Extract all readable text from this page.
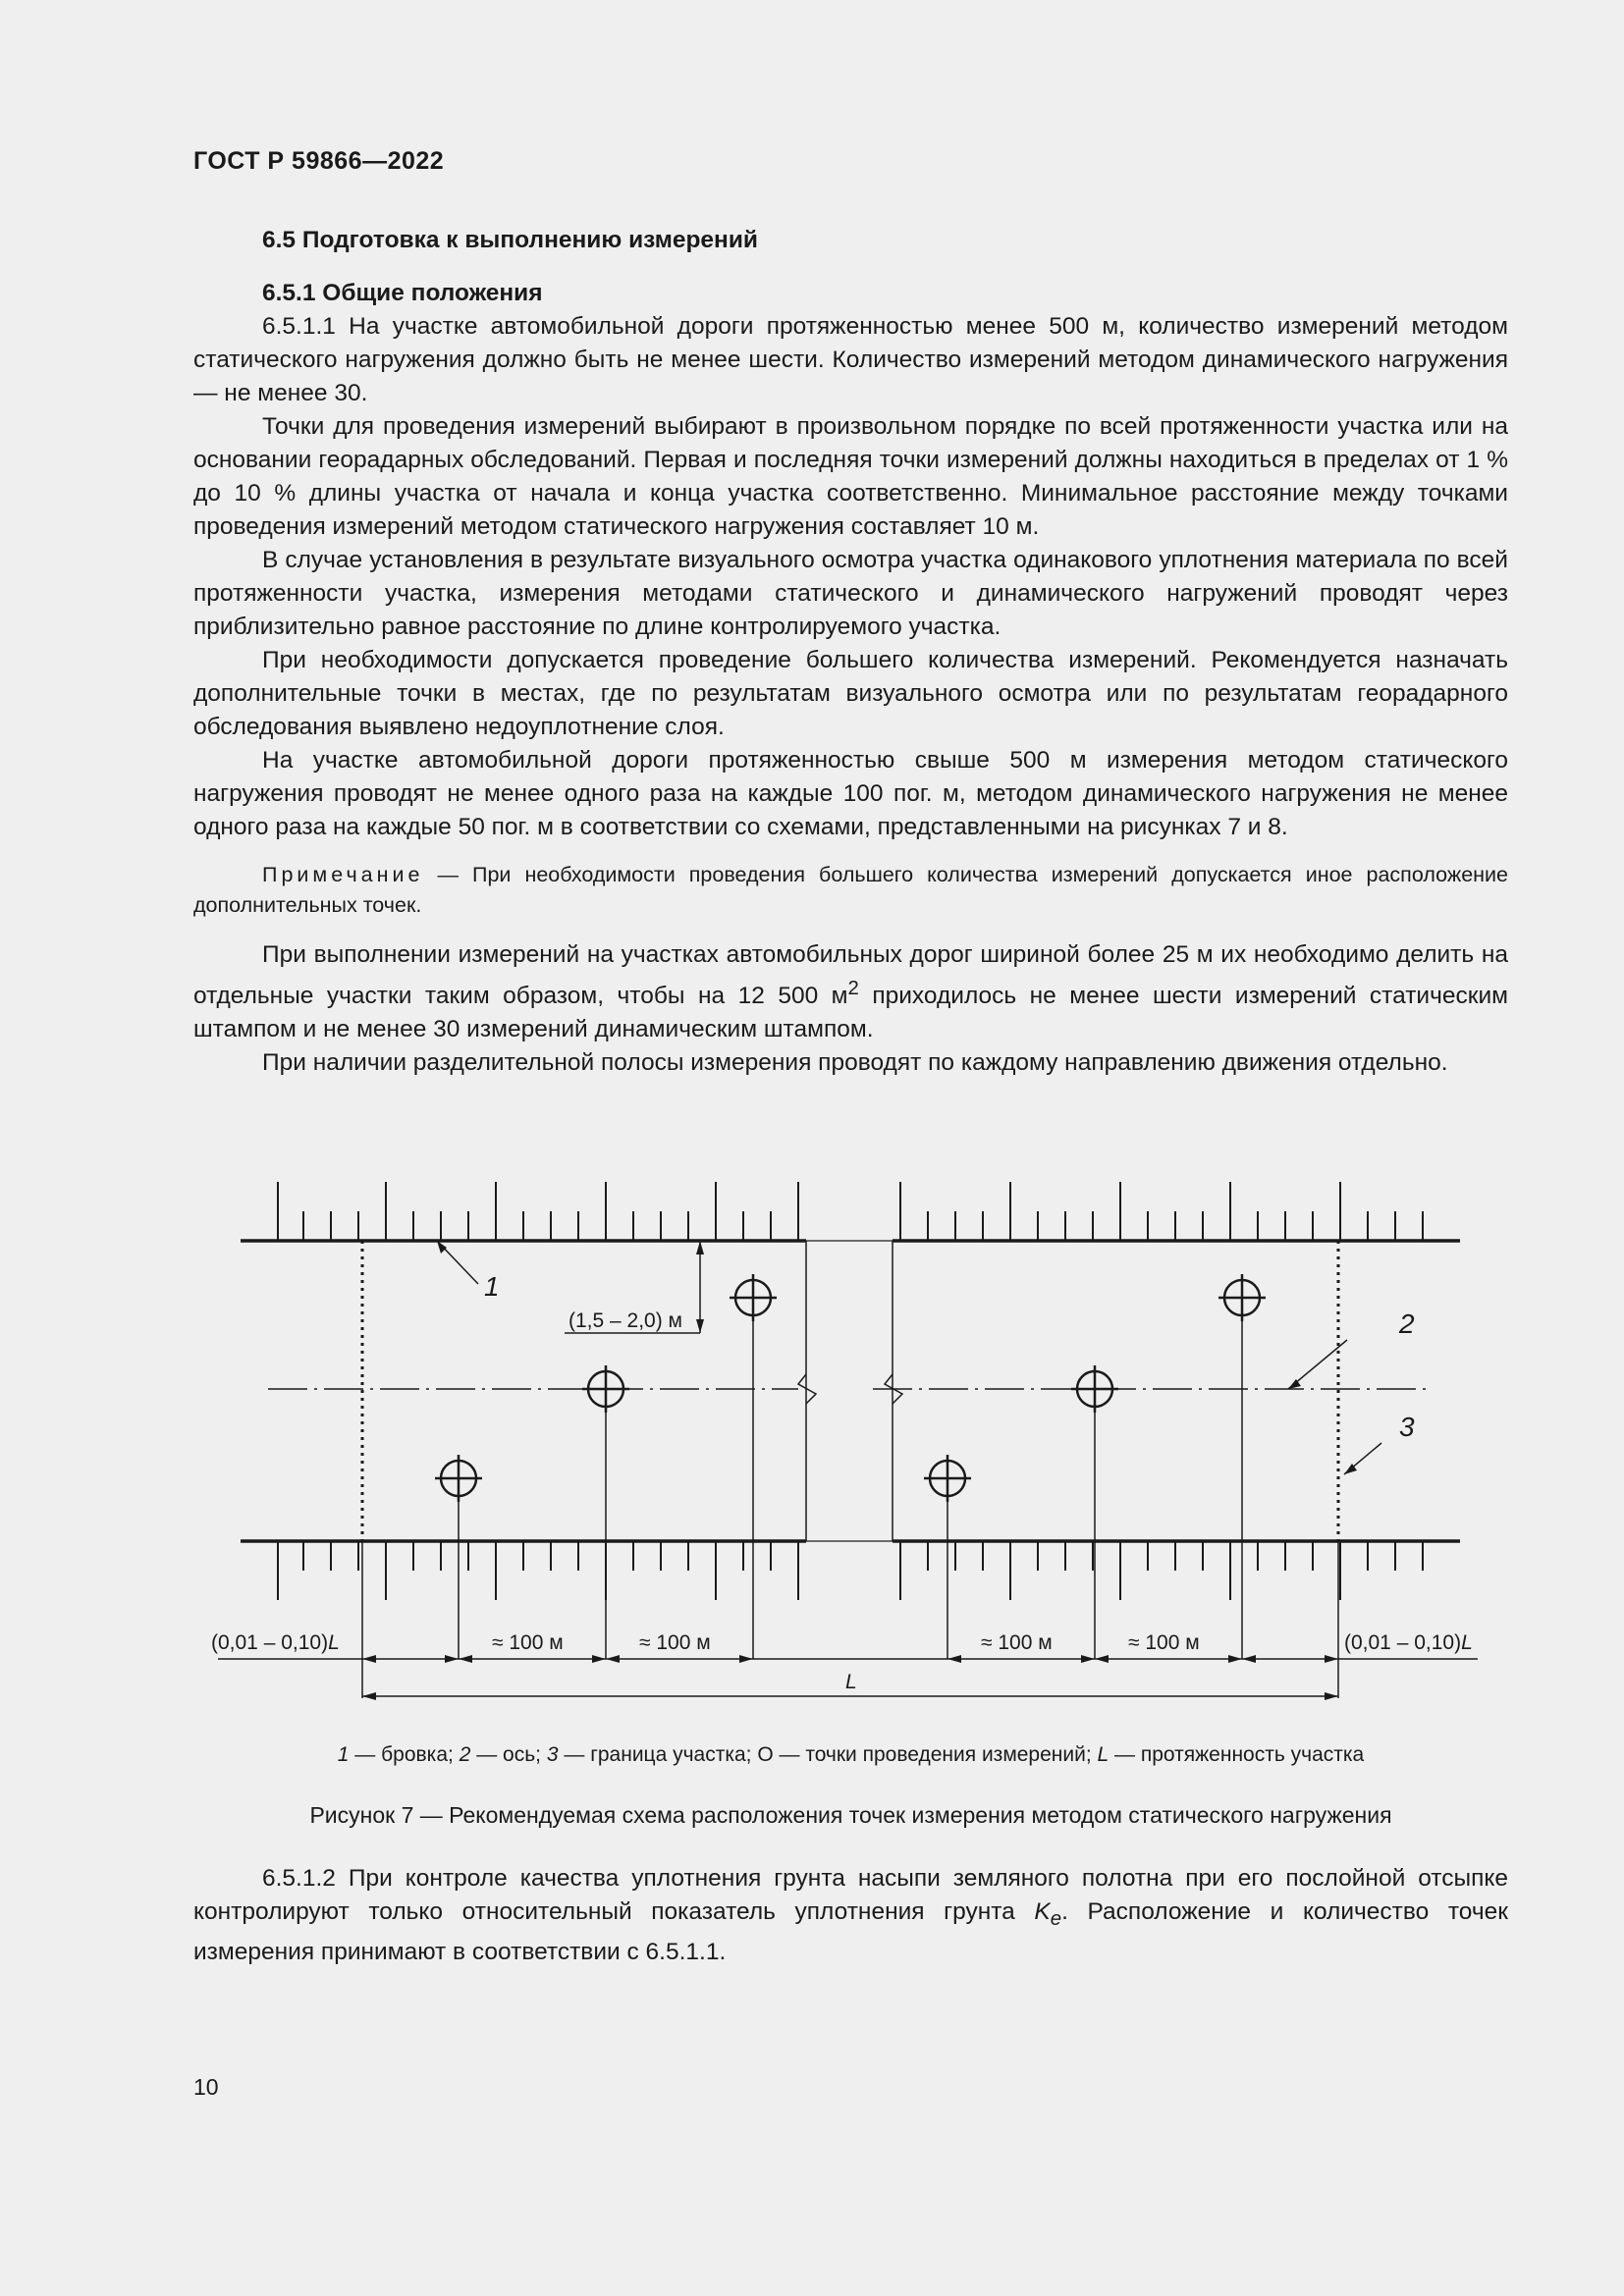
ГОСТ Р 59866—2022
6.5 Подготовка к выполнению измерений
6.5.1 Общие положения

6.5.1.1 На участке автомобильной дороги протяженностью менее 500 м, количество измерений методом статического нагружения должно быть не менее шести. Количество измерений методом динамического нагружения — не менее 30.

Точки для проведения измерений выбирают в произвольном порядке по всей протяженности участка или на основании георадарных обследований. Первая и последняя точки измерений должны находиться в пределах от 1 % до 10 % длины участка от начала и конца участка соответственно. Минимальное расстояние между точками проведения измерений методом статического нагружения составляет 10 м.

В случае установления в результате визуального осмотра участка одинакового уплотнения материала по всей протяженности участка, измерения методами статического и динамического нагружений проводят через приблизительно равное расстояние по длине контролируемого участка.

При необходимости допускается проведение большего количества измерений. Рекомендуется назначать дополнительные точки в местах, где по результатам визуального осмотра или по результатам георадарного обследования выявлено недоуплотнение слоя.

На участке автомобильной дороги протяженностью свыше 500 м измерения методом статического нагружения проводят не менее одного раза на каждые 100 пог. м, методом динамического нагружения не менее одного раза на каждые 50 пог. м в соответствии со схемами, представленными на рисунках 7 и 8.

Примечание — При необходимости проведения большего количества измерений допускается иное расположение дополнительных точек.

При выполнении измерений на участках автомобильных дорог шириной более 25 м их необходимо делить на отдельные участки таким образом, чтобы на 12 500 $м^2$ приходилось не менее шести измерений статическим штампом и не менее 30 измерений динамическим штампом.

При наличии разделительной полосы измерения проводят по каждому направлению движения отдельно.

1
2
3
(1,5 – 2,0) м
(0,01 – 0,10)L	(0,01 – 0,10)L
≈ 100 м	≈ 100 м	≈ 100 м	≈ 100 м
L
1 — бровка; 2 — ось; 3 — граница участка; О — точки проведения измерений; L — протяженность участка
Рисунок 7 — Рекомендуемая схема расположения точек измерения методом статического нагружения

6.5.1.2 При контроле качества уплотнения грунта насыпи земляного полотна при его послойной отсыпке контролируют только относительный показатель уплотнения грунта $K_e$. Расположение и количество точек измерения принимают в соответствии с 6.5.1.1.

10
